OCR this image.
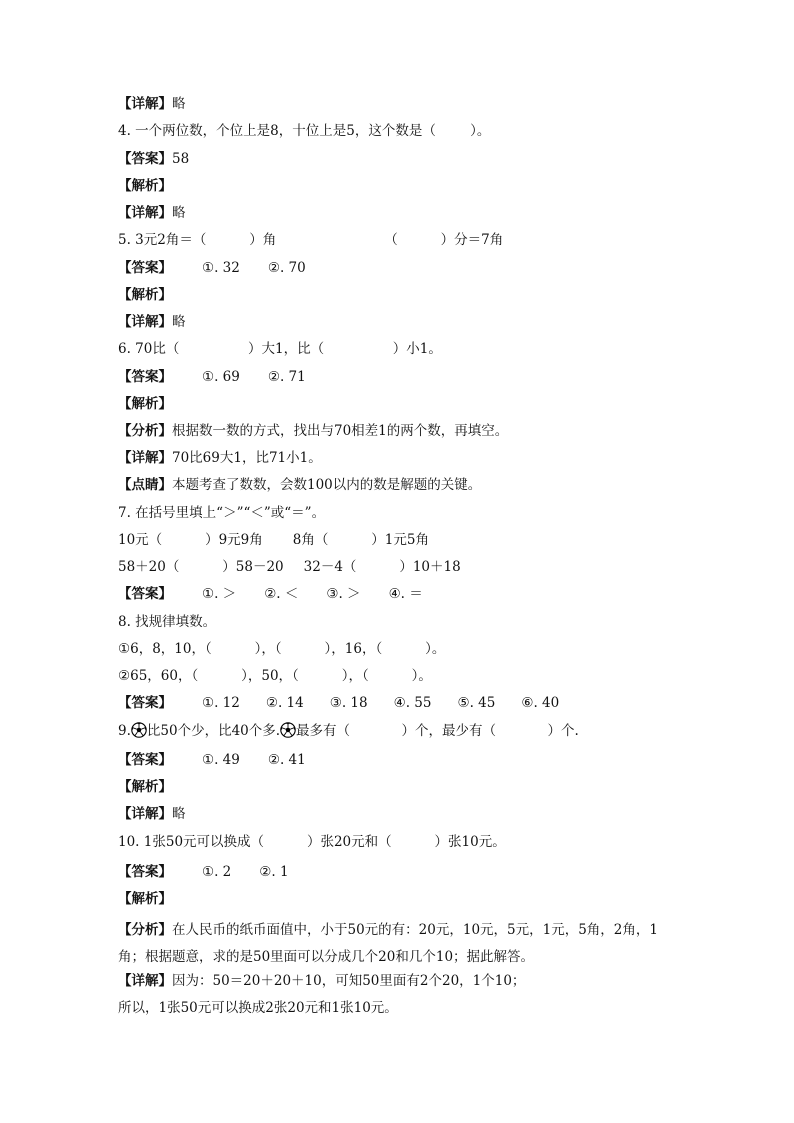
【详解】略
4. 一个两位数，个位上是8，十位上是5，这个数是（        ）。
【答案】58
【解析】
【详解】略
5. 3元2角＝（          ）角	（          ）分＝7角
【答案】 ①. 32 ②. 70
【解析】
【详解】略
6. 70比（                ）大1，比（                ）小1。
【答案】 ①. 69 ②. 71
【解析】
【分析】根据数一数的方式，找出与70相差1的两个数，再填空。
【详解】70比69大1，比71小1。
【点睛】本题考查了数数，会数100以内的数是解题的关键。
7. 在括号里填上“＞”“＜”或“＝”。
10元（          ）9元9角 8角（          ）1元5角
58＋20（          ）58－20 32－4（          ）10＋18
【答案】 ①. ＞ ②. ＜ ③. ＞ ④. ＝
8. 找规律填数。
①6，8，10，（          ），（          ），16，（          ）。
②65，60，（          ），50，（          ），（          ）。
【答案】 ①. 12 ②. 14 ③. 18 ④. 55 ⑤. 45 ⑥. 40
9. 比50个少，比40个多. 最多有（            ）个，最少有（            ）个.
【答案】 ①. 49 ②. 41
【解析】
【详解】略
10. 1张50元可以换成（          ）张20元和（          ）张10元。
【答案】 ①. 2 ②. 1
【解析】
【分析】在人民币的纸币面值中，小于50元的有：20元，10元，5元，1元，5角，2角，1角；根据题意，求的是50里面可以分成几个20和几个10；据此解答。
【详解】因为：50＝20＋20＋10，可知50里面有2个20，1个10；
所以，1张50元可以换成2张20元和1张10元。
